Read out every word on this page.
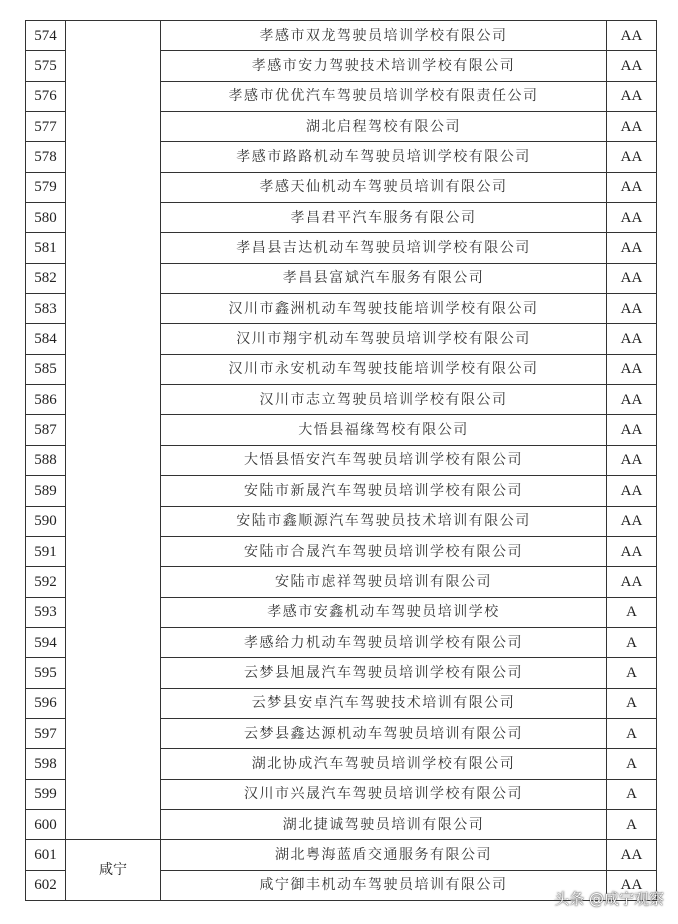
574		孝感市双龙驾驶员培训学校有限公司	AA
575		孝感市安力驾驶技术培训学校有限公司	AA
576		孝感市优优汽车驾驶员培训学校有限责任公司	AA
577		湖北启程驾校有限公司	AA
578		孝感市路路机动车驾驶员培训学校有限公司	AA
579		孝感天仙机动车驾驶员培训有限公司	AA
580		孝昌君平汽车服务有限公司	AA
581		孝昌县吉达机动车驾驶员培训学校有限公司	AA
582		孝昌县富斌汽车服务有限公司	AA
583		汉川市鑫洲机动车驾驶技能培训学校有限公司	AA
584		汉川市翔宇机动车驾驶员培训学校有限公司	AA
585		汉川市永安机动车驾驶技能培训学校有限公司	AA
586		汉川市志立驾驶员培训学校有限公司	AA
587		大悟县福缘驾校有限公司	AA
588		大悟县悟安汽车驾驶员培训学校有限公司	AA
589		安陆市新晟汽车驾驶员培训学校有限公司	AA
590		安陆市鑫顺源汽车驾驶员技术培训有限公司	AA
591		安陆市合晟汽车驾驶员培训学校有限公司	AA
592		安陆市虑祥驾驶员培训有限公司	AA
593		孝感市安鑫机动车驾驶员培训学校	A
594		孝感给力机动车驾驶员培训学校有限公司	A
595		云梦县旭晟汽车驾驶员培训学校有限公司	A
596		云梦县安卓汽车驾驶技术培训有限公司	A
597		云梦县鑫达源机动车驾驶员培训有限公司	A
598		湖北协成汽车驾驶员培训学校有限公司	A
599		汉川市兴晟汽车驾驶员培训学校有限公司	A
600		湖北捷诚驾驶员培训有限公司	A
601	咸宁	湖北粤海蓝盾交通服务有限公司	AA
602		咸宁御丰机动车驾驶员培训有限公司	AA
头条 @咸宁观察
